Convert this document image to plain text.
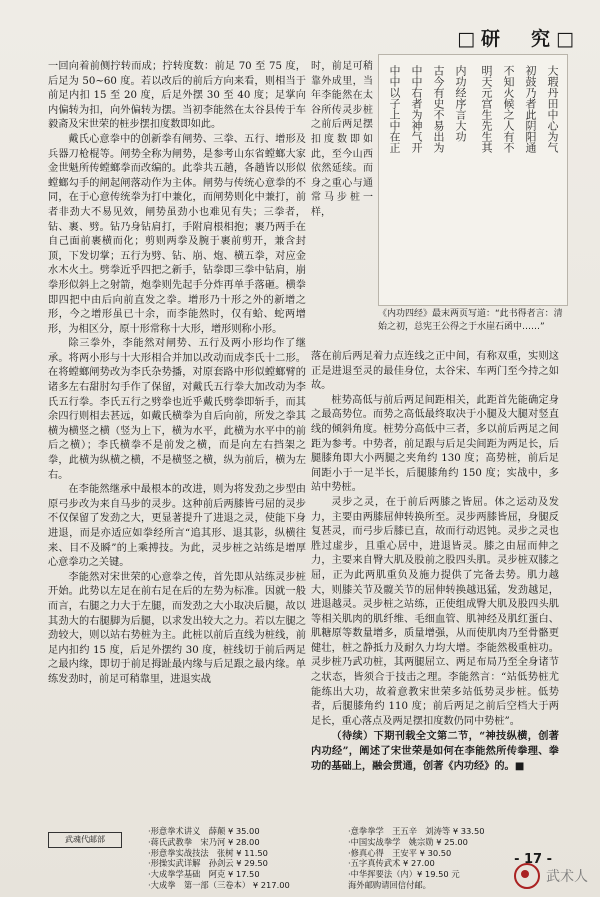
□研　究□

一回向着前侧拧转而成；拧转度数：前足 70 至 75 度，后足为 50~60 度。若以改后的前后方向来看，则相当于前足内扣 15 至 20 度，后足外摆 30 至 40 度；足掌向内偏转为扣，向外偏转为摆。当初李能然在太谷县传于车毅斋及宋世荣的桩步摆扣度数即如此。

戴氏心意拳中的创新拳有闸势、三拳、五行、增形及兵器刀枪棍等。闸势全称为闸势，是参考山东省螳螂大家金世魁所传螳螂拳而改编的。此拳共五趟，各趟皆以形似螳螂勾手的闸起闸落动作为主体。闸势与传统心意拳的不同，在于心意传统拳为打中兼化，而闸势则化中兼打，前者非劲大不易见效，闸势虽劲小也难见有失；三拳者，钻、裹、劈。钻乃身钻肩打，手附肩根相抱；裹乃两手在自己面前裹横而化；剪则两拳及腕于裹前剪开，兼含封顶，下发切掌；五行为劈、钻、崩、炮、横五拳，对应金水木火土。劈拳近乎四把之新手，钻拳即三拳中钻肩，崩拳形似斜上之射箭，炮拳则先起手分炸再单手落砸。横拳即四把中由后向前直发之拳。增形乃十形之外的新增之形，今之增形虽已十余，而李能然时，仅有蛤、蛇两增形，为相区分，原十形常称十大形，增形则称小形。

除三拳外，李能然对闸势、五行及两小形均作了继承。将两小形与十大形相合并加以改动而成李氏十二形。在将螳螂闸势改为李氏杂势播，对原套路中形似螳螂臂的诸多左右甜肘勾手作了保留，对戴氏五行拳大加改动为李氏五行拳。李氏五行之劈拳也近乎戴氏劈拳即斩手，而其余四行则相去甚远，如戴氏横拳为自后向前，所发之拳其横为横竖之横（竖为上下，横为水平，此横为水平中的前后之横）；李氏横拳不是前发之横，而是向左右挡架之拳，此横为纵横之横，不是横竖之横，纵为前后，横为左右。

在李能然继承中最根本的改进，则为将发劲之步型由原弓步改为来自马步的灵步。这种前后两膝皆弓屈的灵步不仅保留了发劲之大，更显著提升了进退之灵，使能下身进退，而是亦适应如拳经所言“追其形、退其影，纵横往来、目不及瞬”的上乘搏技。为此，灵步桩之站练是增厚心意拳功之关键。

李能然对宋世荣的心意拳之传，首先即从站练灵步桩开始。此势以左足在前右足在后的左势为标准。因就一般而言，右腿之力大于左腿，而发劲之大小取决后腿，故以其劲大的右腿脚为后腿，以求发出较大之力。若以左腿之劲较大，则以站右势桩为主。此桩以前后直线为桩线，前足内扣约 15 度，后足外摆约 30 度，桩线切于前后两足之最内缘，即切于前足拇趾最内缘与后足跟之最内缘。单练发劲时，前足可稍靠里，进退实战

时，前足可稍靠外成里，当年李能然在太谷所传灵步桩之前后两足摆扣度数即如此，至今山西依然延续。而身之重心与通常马步桩一样，

大瑕丹田中心为气
初鼓乃者此阴阳通
不知火候之人有不
明天元宫生先生其
内功经序言大功
古今有史不易出为
中中右者为神气开
中中以子上中在正
《内功四经》最末两页写道：“此书得者言：清始之初，总宪王公得之于水崖石函中……”

落在前后两足着力点连线之正中间，有称双重，实则这正是进退至灵的最佳身位，太谷宋、车两门至今持之如故。

桩势高低与前后两足间距相关，此距首先能确定身之最高势位。而势之高低最终取决于小腿及大腿对竖直线的倾斜角度。桩势分高低中三者，多以前后两足之间距为参考。中势者，前足跟与后足尖间距为两足长，后腿膝角即大小两腿之夹角约 130 度；高势桩，前后足间距小于一足半长，后腿膝角约 150 度；实战中，多站中势桩。

灵步之灵，在于前后两膝之皆屈。体之运动及发力，主要由两膝屈伸转换所至。灵步两膝皆屈，身腿反复甚灵，而弓步后膝已直，故而行动迟钝。灵步之灵也胜过虚步，且重心居中，进退皆灵。膝之由屈而伸之力，主要来自臀大肌及股前之股四头肌。灵步桩双膝之屈，正为此两肌重负及施力提供了完备去势。肌力越大，则膝关节及髋关节的屈伸转换越迅猛，发劲越足，进退越灵。灵步桩之站练，正使组成臀大肌及股四头肌等相关肌肉的肌纤维、毛细血管、肌神经及肌红蛋白、肌糖原等数量增多，质量增强，从而使肌肉乃至骨骼更健壮，桩之静抵力及耐久力均大增。李能然极重桩功。灵步桩乃武功桩，其两腿屈立、两足布局乃至全身诸节之状态，皆须合于技击之理。李能然言：“站低势桩尤能练出大功，故着意教宋世荣多站低势灵步桩。低势者，后腿膝角约 110 度；前后两足之前后空档大于两足长，重心落点及两足摆扣度数仍同中势桩”。

（待续）下期刊载全文第二节，“神技纵横，创著内功经”，阐述了宋世荣是如何在李能然所传拳理、拳功的基础上，融会贯通，创著《内功经》的。■

武魂代邮部
·形意拳术讲义　薛颠 ¥ 35.00
·蒋氏武教拳　宋乃河 ¥ 28.00
·形意拳实战技法　张树 ¥ 11.50
·形操实武详解　孙剑云 ¥ 29.50
·大成拳学基础　阿克 ¥ 17.50
·大成拳　第一部（三卷本） ¥ 217.00
·意拳拳学　王五辛　刘涛等 ¥ 33.50
·中国实战拳学　姚宗勋 ¥ 25.00
·修真心得　王安平 ¥ 30.50
·五字真传武术 ¥ 27.00
·中华挥要法（内）¥ 19.50 元
海外邮购请回信付邮。
- 17 -
武术人
